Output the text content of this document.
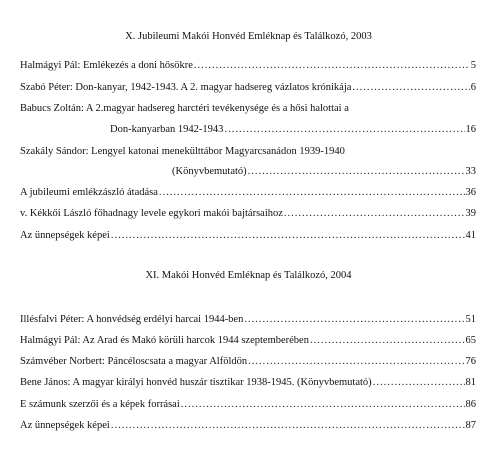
X. Jubileumi Makói Honvéd Emléknap és Találkozó, 2003
Halmágyi Pál: Emlékezés a doni hősökre .....	5
Szabó Péter: Don-kanyar, 1942-1943. A 2. magyar hadsereg vázlatos krónikája .....	6
Babucs Zoltán: A 2.magyar hadsereg harctéri tevékenysége és a hősi halottai a
Don-kanyarban 1942-1943 .....	16
Szakály Sándor: Lengyel katonai menekülttábor Magyarcsanádon 1939-1940
(Könyvbemutató) .....	33
A jubileumi emlékzászló átadása .....	36
v. Kékkői László főhadnagy levele egykori makói bajtársaihoz .....	39
Az ünnepségek képei .....	41
XI. Makói Honvéd Emléknap és Találkozó, 2004
Illésfalvi Péter: A honvédség erdélyi harcai 1944-ben .....	51
Halmágyi Pál: Az Arad és Makó körüli harcok 1944 szeptemberében .....	65
Számvéber Norbert: Páncéloscsata a magyar Alföldön .....	76
Bene János: A magyar királyi honvéd huszár tisztikar 1938-1945. (Könyvbemutató) .....	81
E számunk szerzői és a képek forrásai .....	86
Az ünnepségek képei .....	87
